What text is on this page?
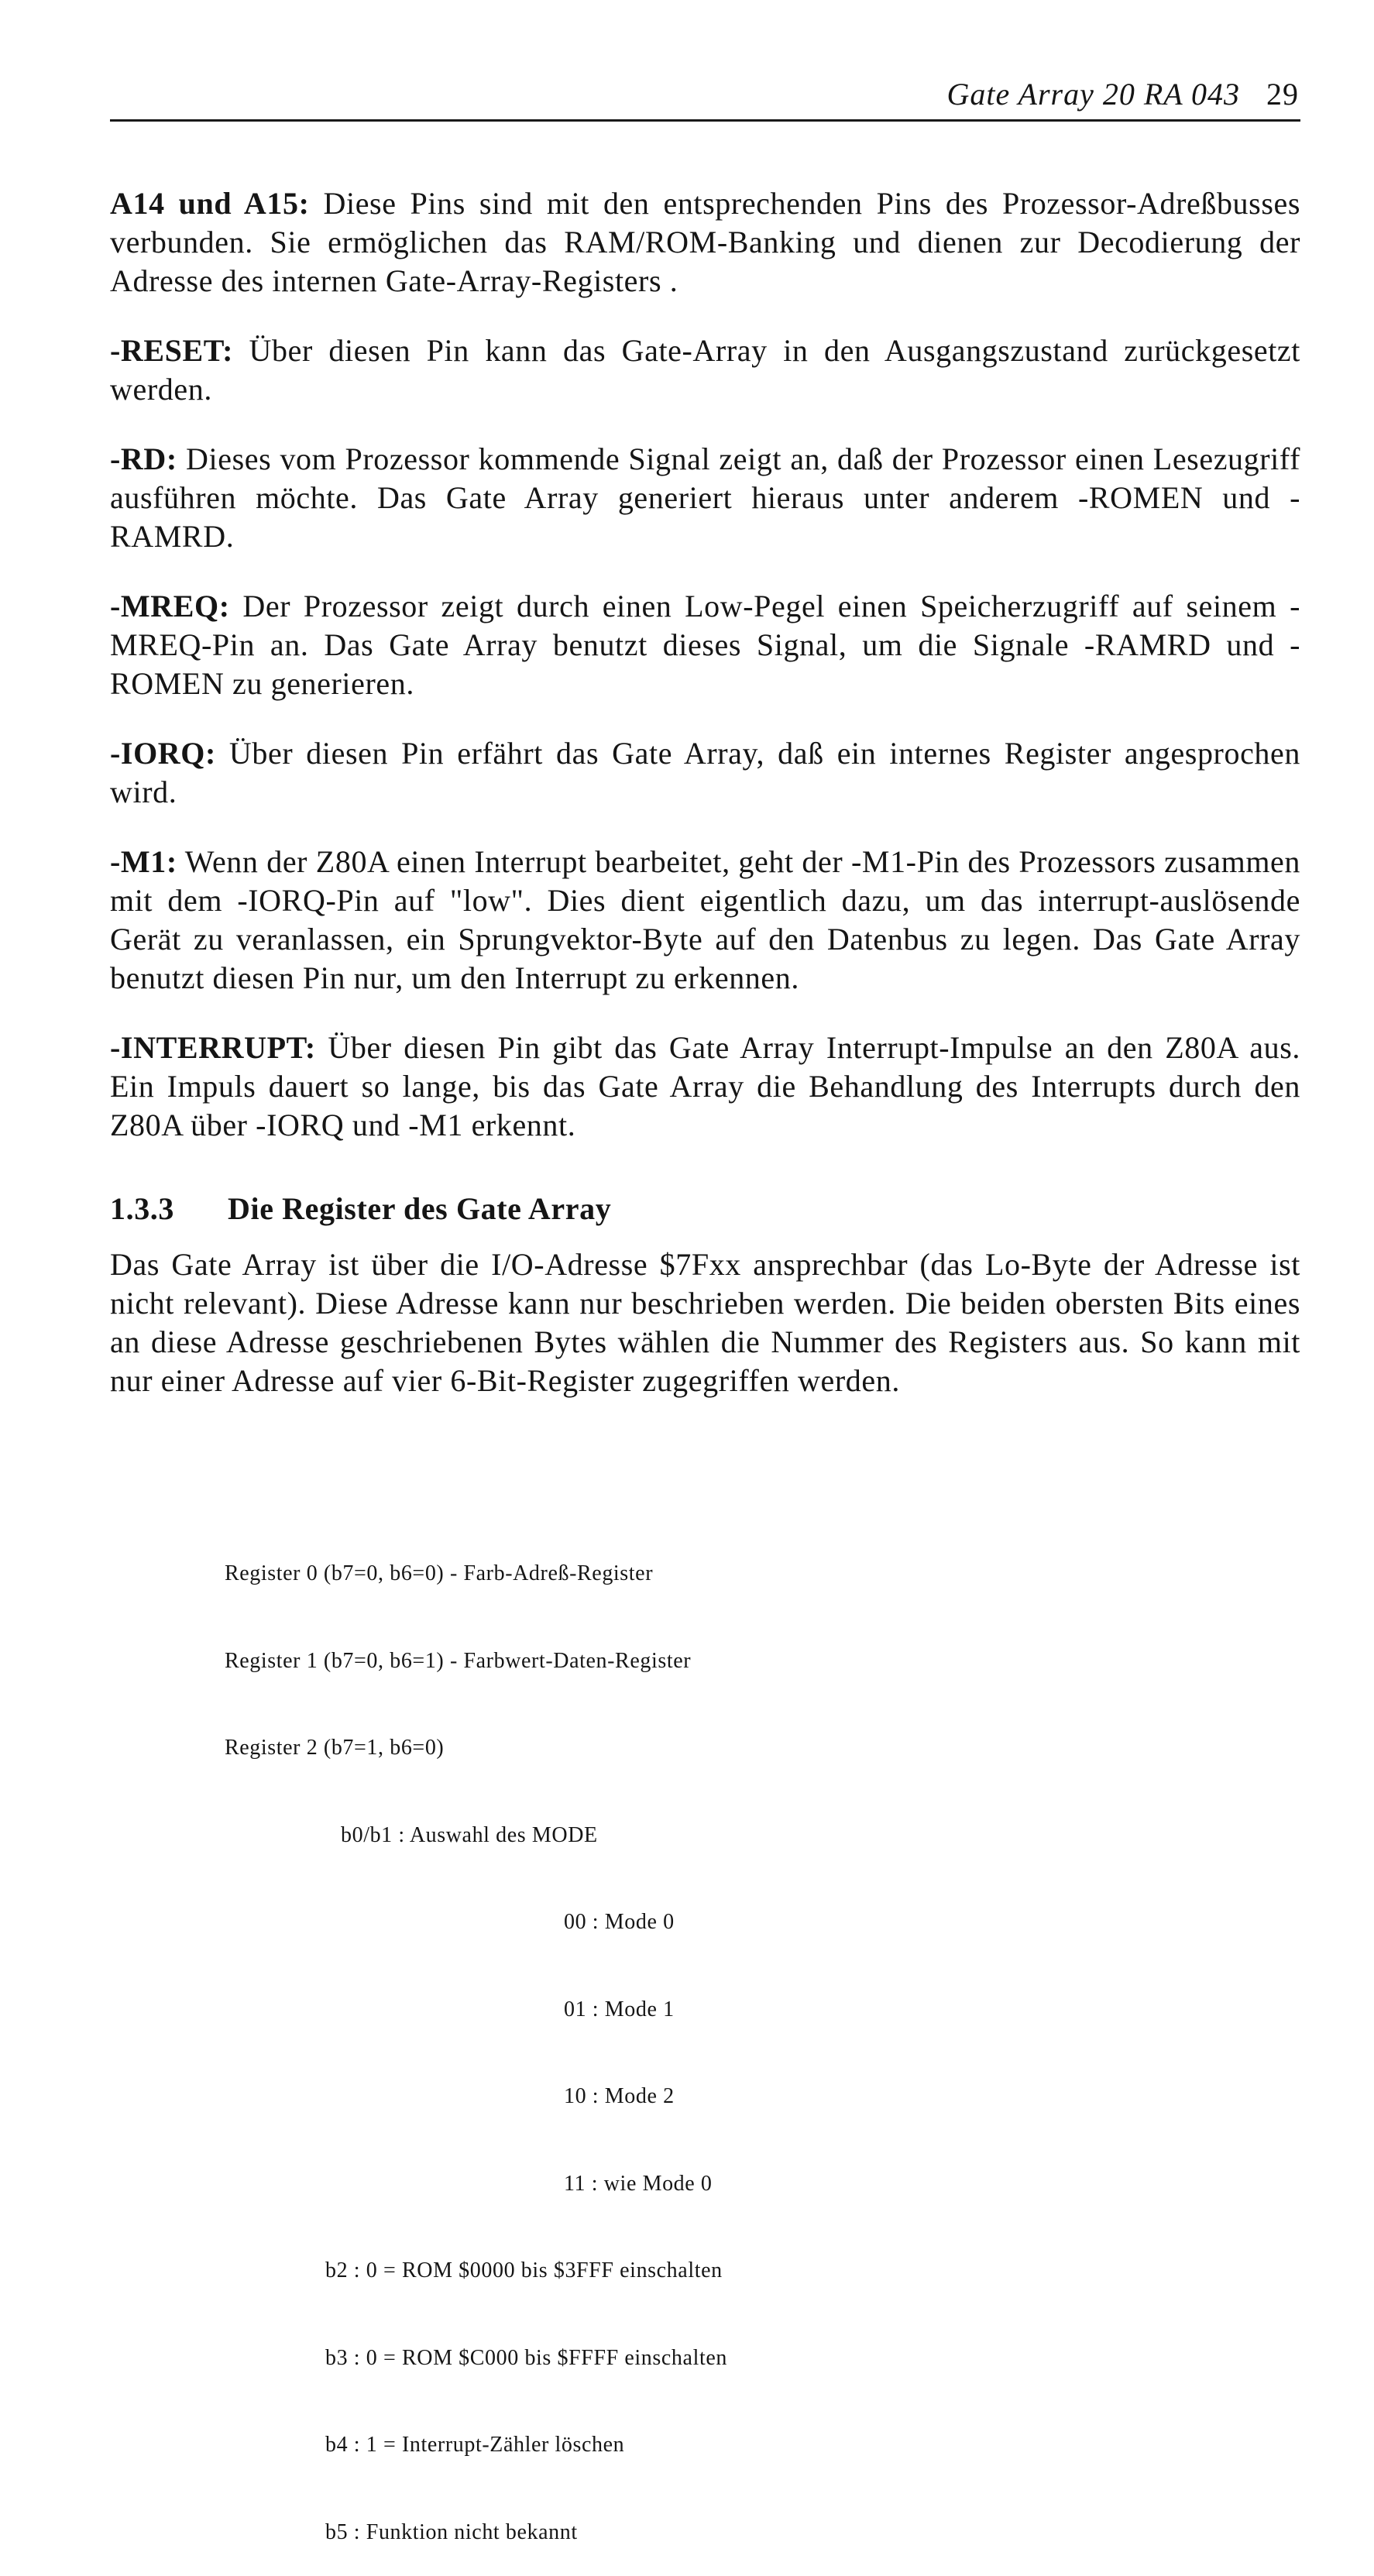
Gate Array 20 RA 043 29

A14 und A15: Diese Pins sind mit den entsprechenden Pins des Prozessor-Adreßbusses verbunden. Sie ermöglichen das RAM/ROM-Banking und dienen zur Decodierung der Adresse des internen Gate-Array-Registers .

-RESET: Über diesen Pin kann das Gate-Array in den Ausgangszustand zurückgesetzt werden.

-RD: Dieses vom Prozessor kommende Signal zeigt an, daß der Prozessor einen Lesezugriff ausführen möchte. Das Gate Array generiert hieraus unter anderem -ROMEN und -RAMRD.

-MREQ: Der Prozessor zeigt durch einen Low-Pegel einen Speicherzugriff auf seinem -MREQ-Pin an. Das Gate Array benutzt dieses Signal, um die Signale -RAMRD und -ROMEN zu generieren.

-IORQ: Über diesen Pin erfährt das Gate Array, daß ein internes Register angesprochen wird.

-M1: Wenn der Z80A einen Interrupt bearbeitet, geht der -M1-Pin des Prozessors zusammen mit dem -IORQ-Pin auf "low". Dies dient eigentlich dazu, um das interrupt-auslösende Gerät zu veranlassen, ein Sprungvektor-Byte auf den Datenbus zu legen. Das Gate Array benutzt diesen Pin nur, um den Interrupt zu erkennen.

-INTERRUPT: Über diesen Pin gibt das Gate Array Interrupt-Impulse an den Z80A aus. Ein Impuls dauert so lange, bis das Gate Array die Behandlung des Interrupts durch den Z80A über -IORQ und -M1 erkennt.

1.3.3 Die Register des Gate Array

Das Gate Array ist über die I/O-Adresse $7Fxx ansprechbar (das Lo-Byte der Adresse ist nicht relevant). Diese Adresse kann nur beschrieben werden. Die beiden obersten Bits eines an diese Adresse geschriebenen Bytes wählen die Nummer des Registers aus. So kann mit nur einer Adresse auf vier 6-Bit-Register zugegriffen werden.

Register 0 (b7=0, b6=0) - Farb-Adreß-Register

Register 1 (b7=0, b6=1) - Farbwert-Daten-Register

Register 2 (b7=1, b6=0)

b0/b1 : Auswahl des MODE

00 : Mode 0

01 : Mode 1

10 : Mode 2

11 : wie Mode 0

b2 : 0 = ROM $0000 bis $3FFF einschalten

b3 : 0 = ROM $C000 bis $FFFF einschalten

b4 : 1 = Interrupt-Zähler löschen

b5 : Funktion nicht bekannt
